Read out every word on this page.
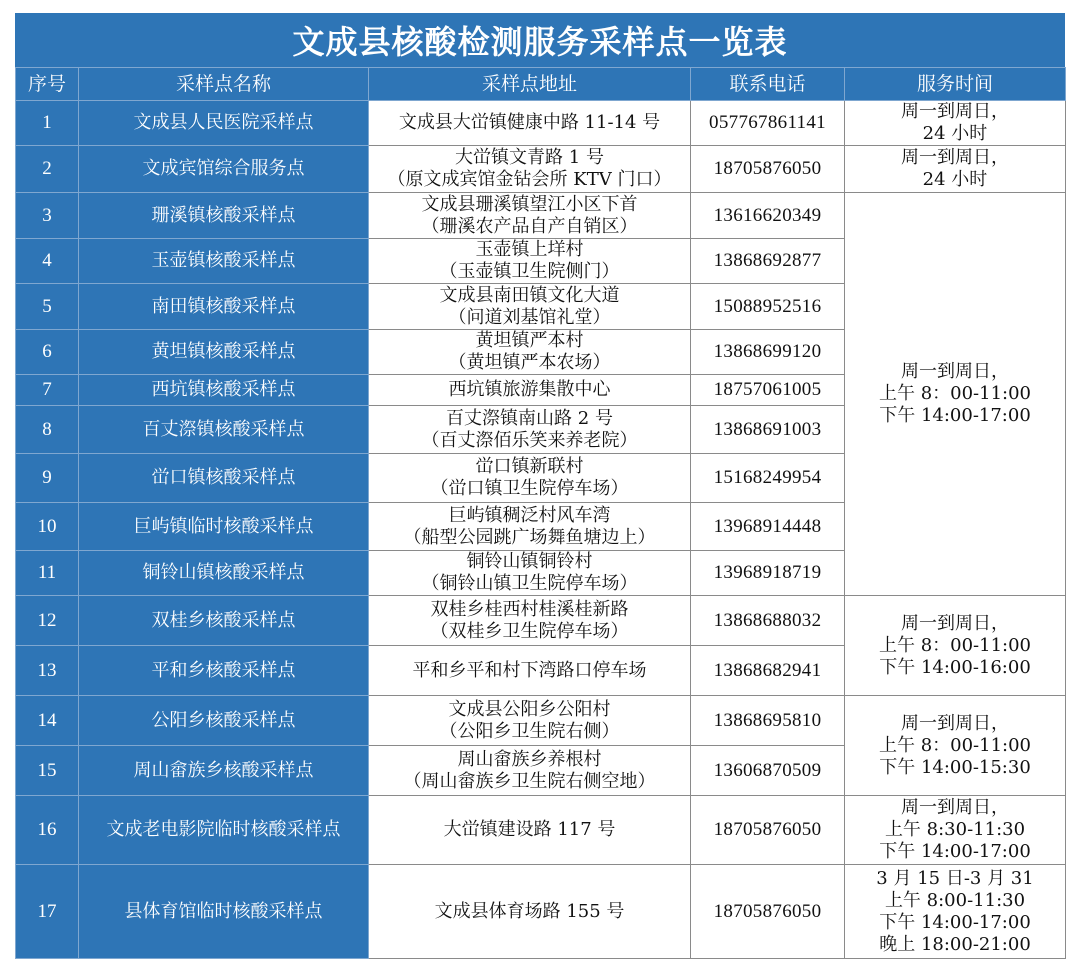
文成县核酸检测服务采样点一览表
序号	采样点名称	采样点地址	联系电话	服务时间
1	文成县人民医院采样点	文成县大峃镇健康中路 11-14 号	057767861141	周一到周日，
24 小时

2	文成宾馆综合服务点	大峃镇文青路 1 号
（原文成宾馆金钻会所 KTV 门口）	18705876050	周一到周日，
24 小时

3	珊溪镇核酸采样点	文成县珊溪镇望江小区下首
（珊溪农产品自产自销区）	13616620349	周一到周日，
上午 8：00-11:00
下午 14:00-17:00

4	玉壶镇核酸采样点	玉壶镇上垟村
（玉壶镇卫生院侧门）	13868692877	
5	南田镇核酸采样点	文成县南田镇文化大道
（问道刘基馆礼堂）	15088952516	
6	黄坦镇核酸采样点	黄坦镇严本村
（黄坦镇严本农场）	13868699120	
7	西坑镇核酸采样点	西坑镇旅游集散中心	18757061005	
8	百丈漈镇核酸采样点	百丈漈镇南山路 2 号
（百丈漈佰乐笑来养老院）	13868691003	
9	峃口镇核酸采样点	峃口镇新联村
（峃口镇卫生院停车场）	15168249954	
10	巨屿镇临时核酸采样点	巨屿镇稠泛村风车湾
（船型公园跳广场舞鱼塘边上）	13968914448	
11	铜铃山镇核酸采样点	铜铃山镇铜铃村
（铜铃山镇卫生院停车场）	13968918719	
12	双桂乡核酸采样点	双桂乡桂西村桂溪桂新路
（双桂乡卫生院停车场）	13868688032	周一到周日，
上午 8：00-11:00
下午 14:00-16:00

13	平和乡核酸采样点	平和乡平和村下湾路口停车场	13868682941	
14	公阳乡核酸采样点	文成县公阳乡公阳村
（公阳乡卫生院右侧）	13868695810	周一到周日，
上午 8：00-11:00
下午 14:00-15:30

15	周山畲族乡核酸采样点	周山畲族乡养根村
（周山畲族乡卫生院右侧空地）	13606870509	
16	文成老电影院临时核酸采样点	大峃镇建设路 117 号	18705876050	周一到周日，
上午 8:30-11:30
下午 14:00-17:00

17	县体育馆临时核酸采样点	文成县体育场路 155 号	18705876050	3 月 15 日-3 月 31
上午 8:00-11:30
下午 14:00-17:00
晚上 18:00-21:00
